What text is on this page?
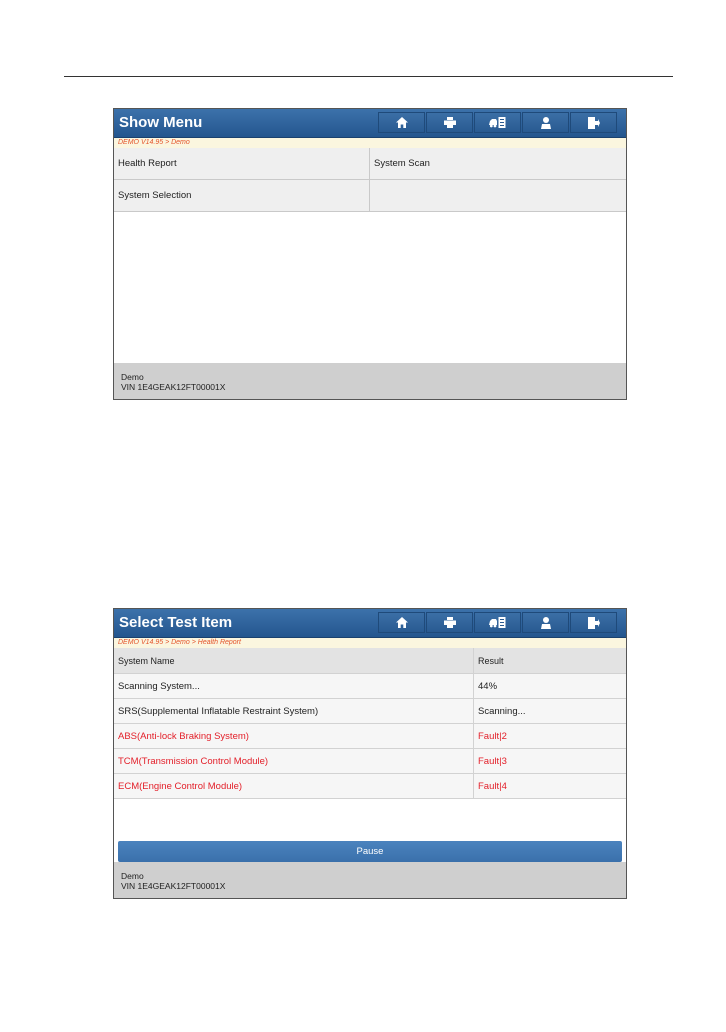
Show Menu
DEMO V14.95 > Demo
Health Report	System Scan
System Selection
Demo
VIN 1E4GEAK12FT00001X
Select Test Item
DEMO V14.95 > Demo > Health Report
System Name	Result
Scanning System...	44%
SRS(Supplemental Inflatable Restraint System)	Scanning...
ABS(Anti-lock Braking System)	Fault|2
TCM(Transmission Control Module)	Fault|3
ECM(Engine Control Module)	Fault|4
Pause
Demo
VIN 1E4GEAK12FT00001X
